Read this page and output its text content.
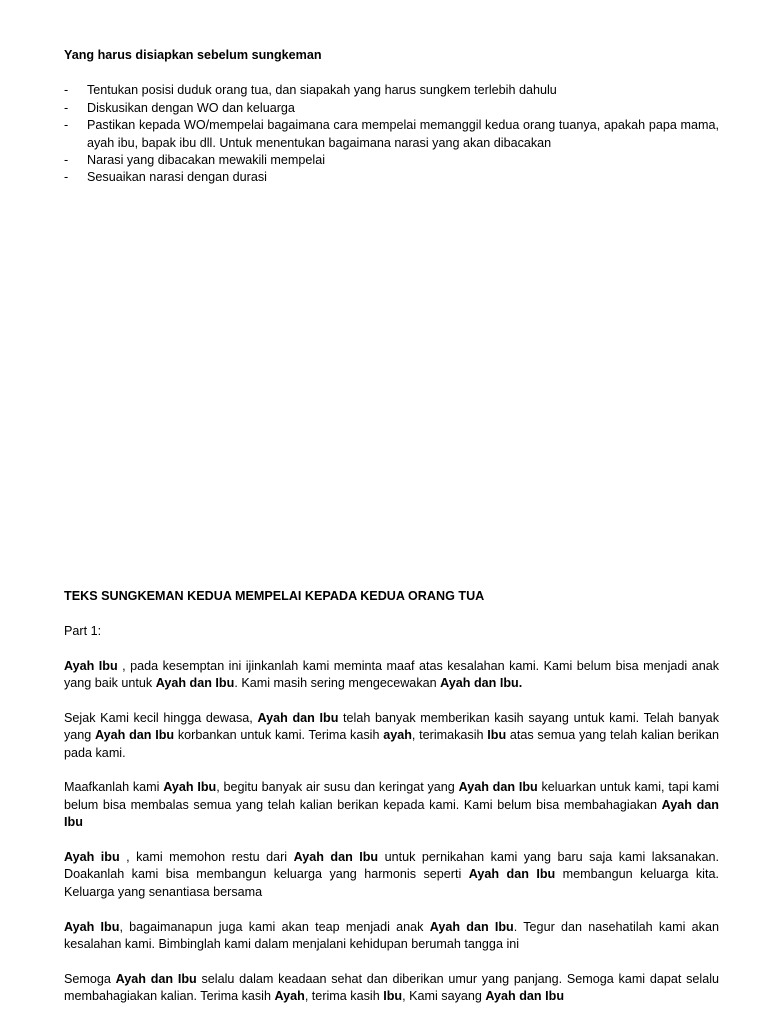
Yang harus disiapkan sebelum sungkeman

- Tentukan posisi duduk orang tua, dan siapakah yang harus sungkem terlebih dahulu
- Diskusikan dengan WO dan keluarga
- Pastikan kepada WO/mempelai bagaimana cara mempelai memanggil kedua orang tuanya, apakah papa mama, ayah ibu, bapak ibu dll. Untuk menentukan bagaimana narasi yang akan dibacakan
- Narasi yang dibacakan mewakili mempelai
- Sesuaikan narasi dengan durasi

TEKS SUNGKEMAN KEDUA MEMPELAI KEPADA KEDUA ORANG TUA

Part 1:

Ayah Ibu , pada kesemptan ini ijinkanlah kami meminta maaf atas kesalahan kami. Kami belum bisa menjadi anak yang baik untuk Ayah dan Ibu. Kami masih sering mengecewakan Ayah dan Ibu.

Sejak Kami kecil hingga dewasa, Ayah dan Ibu telah banyak memberikan kasih sayang untuk kami. Telah banyak yang Ayah dan Ibu korbankan untuk kami. Terima kasih ayah, terimakasih Ibu atas semua yang telah kalian berikan pada kami.

Maafkanlah kami Ayah Ibu, begitu banyak air susu dan keringat yang Ayah dan Ibu keluarkan untuk kami, tapi kami belum bisa membalas semua yang telah kalian berikan kepada kami. Kami belum bisa membahagiakan Ayah dan Ibu

Ayah ibu , kami memohon restu dari Ayah dan Ibu untuk pernikahan kami yang baru saja kami laksanakan. Doakanlah kami bisa membangun keluarga yang harmonis seperti Ayah dan Ibu membangun keluarga kita. Keluarga yang senantiasa bersama

Ayah Ibu, bagaimanapun juga kami akan teap menjadi anak Ayah dan Ibu. Tegur dan nasehatilah kami akan kesalahan kami. Bimbinglah kami dalam menjalani kehidupan berumah tangga ini

Semoga Ayah dan Ibu selalu dalam keadaan sehat dan diberikan umur yang panjang. Semoga kami dapat selalu membahagiakan kalian. Terima kasih Ayah, terima kasih Ibu, Kami sayang Ayah dan Ibu
